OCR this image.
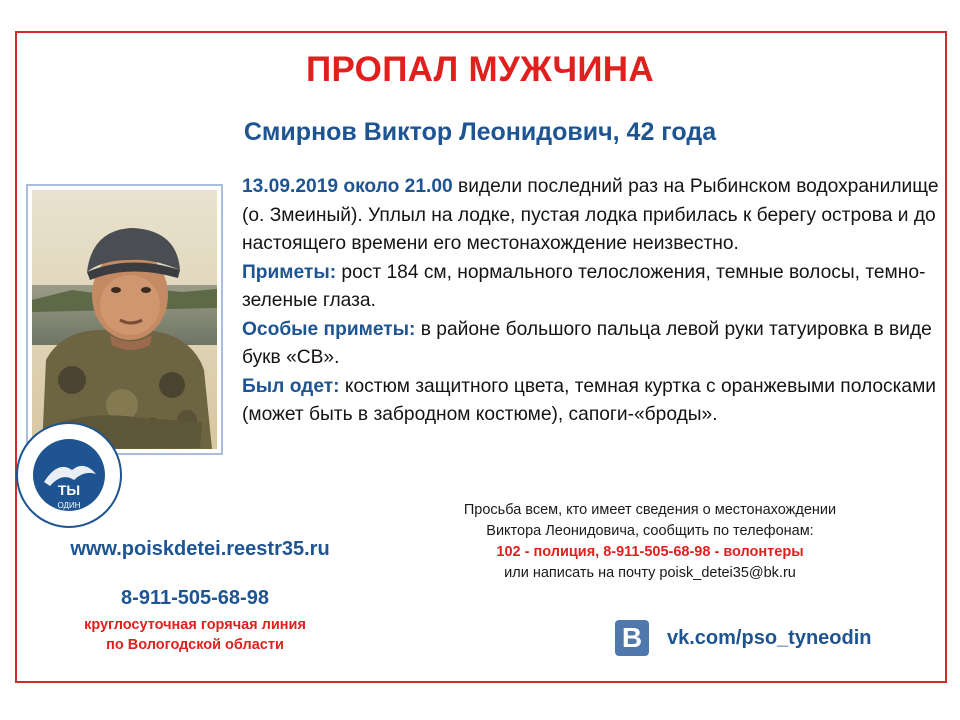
ПРОПАЛ МУЖЧИНА
Смирнов Виктор Леонидович, 42 года
ТЫ
ОДИН

13.09.2019 около 21.00 видели последний раз на Рыбинском водохранилище (о. Змеиный). Уплыл на лодке, пустая лодка прибилась к берегу острова и до настоящего времени его местонахождение неизвестно.

Приметы: рост 184 см, нормального телосложения, темные волосы, темно-зеленые глаза.

Особые приметы: в районе большого пальца левой руки татуировка в виде букв «СВ».

Был одет: костюм защитного цвета, темная куртка с оранжевыми полосками (может быть в забродном костюме), сапоги-«броды».

Просьба всем, кто имеет сведения о местонахождении
Виктора Леонидовича, сообщить по телефонам:
102 - полиция, 8-911-505-68-98 - волонтеры
или написать на почту poisk_detei35@bk.ru
www.poiskdetei.reestr35.ru
8-911-505-68-98
круглосуточная горячая линия
по Вологодской области	B	vk.com/pso_tyneodin
